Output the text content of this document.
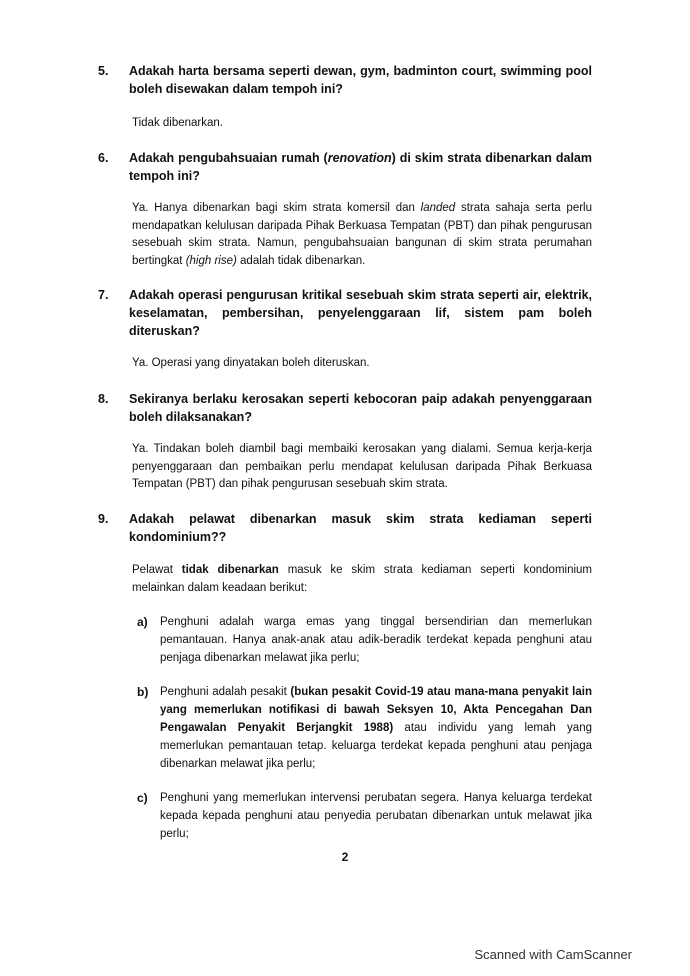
5. Adakah harta bersama seperti dewan, gym, badminton court, swimming pool boleh disewakan dalam tempoh ini?
Tidak dibenarkan.
6. Adakah pengubahsuaian rumah (renovation) di skim strata dibenarkan dalam tempoh ini?
Ya. Hanya dibenarkan bagi skim strata komersil dan landed strata sahaja serta perlu mendapatkan kelulusan daripada Pihak Berkuasa Tempatan (PBT) dan pihak pengurusan sesebuah skim strata. Namun, pengubahsuaian bangunan di skim strata perumahan bertingkat (high rise) adalah tidak dibenarkan.
7. Adakah operasi pengurusan kritikal sesebuah skim strata seperti air, elektrik, keselamatan, pembersihan, penyelenggaraan lif, sistem pam boleh diteruskan?
Ya. Operasi yang dinyatakan boleh diteruskan.
8. Sekiranya berlaku kerosakan seperti kebocoran paip adakah penyenggaraan boleh dilaksanakan?
Ya. Tindakan boleh diambil bagi membaiki kerosakan yang dialami. Semua kerja-kerja penyenggaraan dan pembaikan perlu mendapat kelulusan daripada Pihak Berkuasa Tempatan (PBT) dan pihak pengurusan sesebuah skim strata.
9. Adakah pelawat dibenarkan masuk skim strata kediaman seperti kondominium??
Pelawat tidak dibenarkan masuk ke skim strata kediaman seperti kondominium melainkan dalam keadaan berikut:
a) Penghuni adalah warga emas yang tinggal bersendirian dan memerlukan pemantauan. Hanya anak-anak atau adik-beradik terdekat kepada penghuni atau penjaga dibenarkan melawat jika perlu;
b) Penghuni adalah pesakit (bukan pesakit Covid-19 atau mana-mana penyakit lain yang memerlukan notifikasi di bawah Seksyen 10, Akta Pencegahan Dan Pengawalan Penyakit Berjangkit 1988) atau individu yang lemah yang memerlukan pemantauan tetap. keluarga terdekat kepada penghuni atau penjaga dibenarkan melawat jika perlu;
c) Penghuni yang memerlukan intervensi perubatan segera. Hanya keluarga terdekat kepada kepada penghuni atau penyedia perubatan dibenarkan untuk melawat jika perlu;
2
Scanned with CamScanner
